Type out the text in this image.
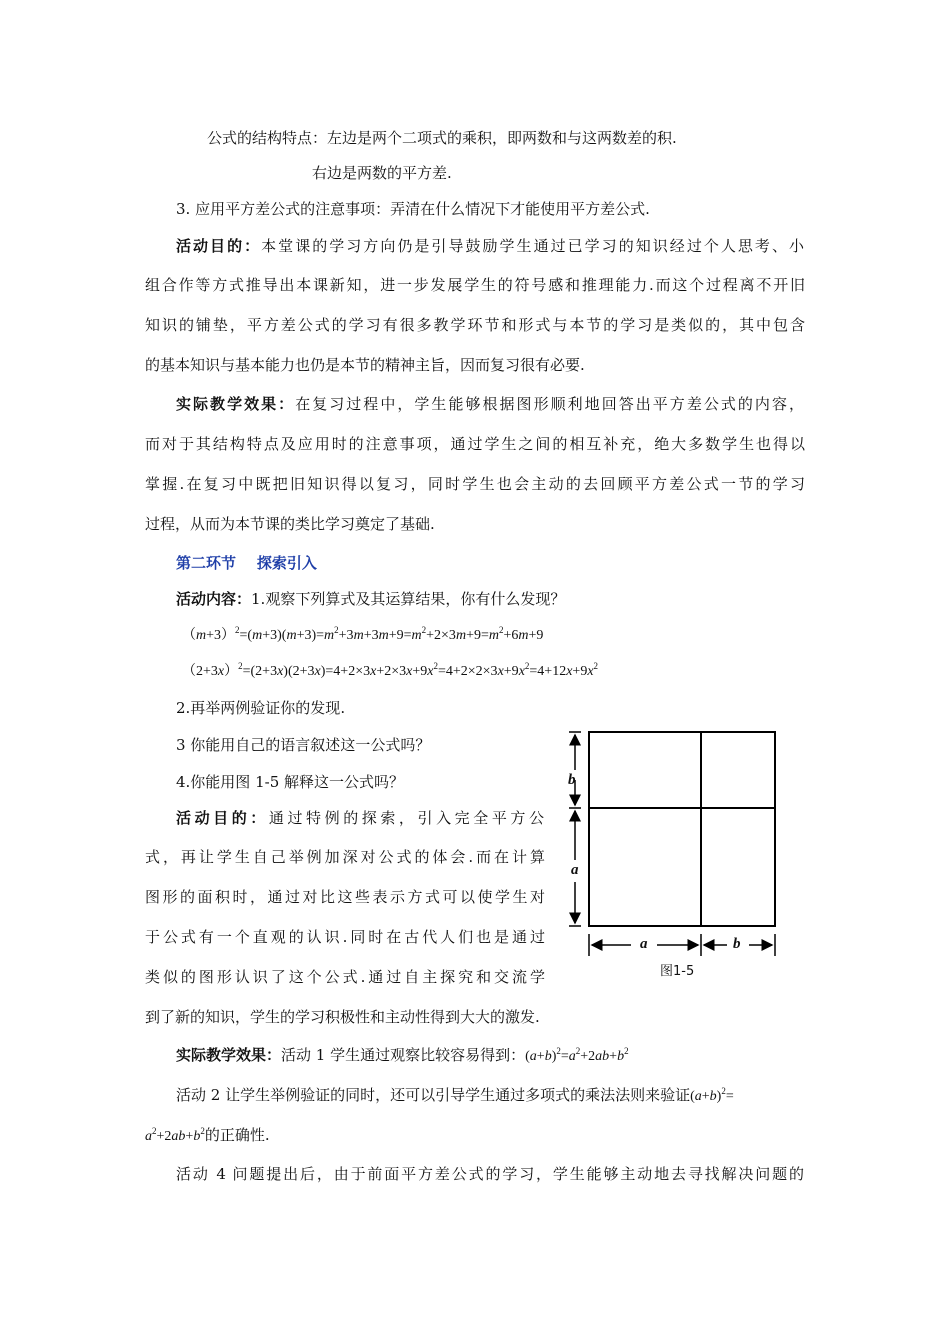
公式的结构特点：左边是两个二项式的乘积，即两数和与这两数差的积.
右边是两数的平方差.
3. 应用平方差公式的注意事项：弄清在什么情况下才能使用平方差公式.
活动目的：本堂课的学习方向仍是引导鼓励学生通过已学习的知识经过个人思考、小
组合作等方式推导出本课新知，进一步发展学生的符号感和推理能力.而这个过程离不开旧
知识的铺垫，平方差公式的学习有很多教学环节和形式与本节的学习是类似的，其中包含
的基本知识与基本能力也仍是本节的精神主旨，因而复习很有必要.
实际教学效果：在复习过程中，学生能够根据图形顺利地回答出平方差公式的内容，
而对于其结构特点及应用时的注意事项，通过学生之间的相互补充，绝大多数学生也得以
掌握.在复习中既把旧知识得以复习，同时学生也会主动的去回顾平方差公式一节的学习
过程，从而为本节课的类比学习奠定了基础.
第二环节    探索引入
活动内容：1.观察下列算式及其运算结果，你有什么发现？
$(m+3)^2=(m+3)(m+3)=m^2+3m+3m+9=m^2+2\times 3m+9=m^2+6m+9$
$(2+3x)^2=(2+3x)(2+3x)=4+2\times 3x+2\times 3x+9x^2=4+2\times 2\times 3x+9x^2=4+12x+9x^2$
2.再举两例验证你的发现.
3 你能用自己的语言叙述这一公式吗？
4.你能用图 1-5 解释这一公式吗？
活动目的：通过特例的探索，引入完全平方公
式，再让学生自己举例加深对公式的体会.而在计算
图形的面积时，通过对比这些表示方式可以使学生对
于公式有一个直观的认识.同时在古代人们也是通过
类似的图形认识了这个公式.通过自主探究和交流学
到了新的知识，学生的学习积极性和主动性得到大大的激发.
b
a
a	b
图1-5
实际教学效果：活动 1 学生通过观察比较容易得到：$(a+b)^2=a^2+2ab+b^2$
活动 2 让学生举例验证的同时，还可以引导学生通过多项式的乘法法则来验证$(a+b)^2=$
$a^2+2ab+b^2$的正确性.
活动 4 问题提出后，由于前面平方差公式的学习，学生能够主动地去寻找解决问题的
